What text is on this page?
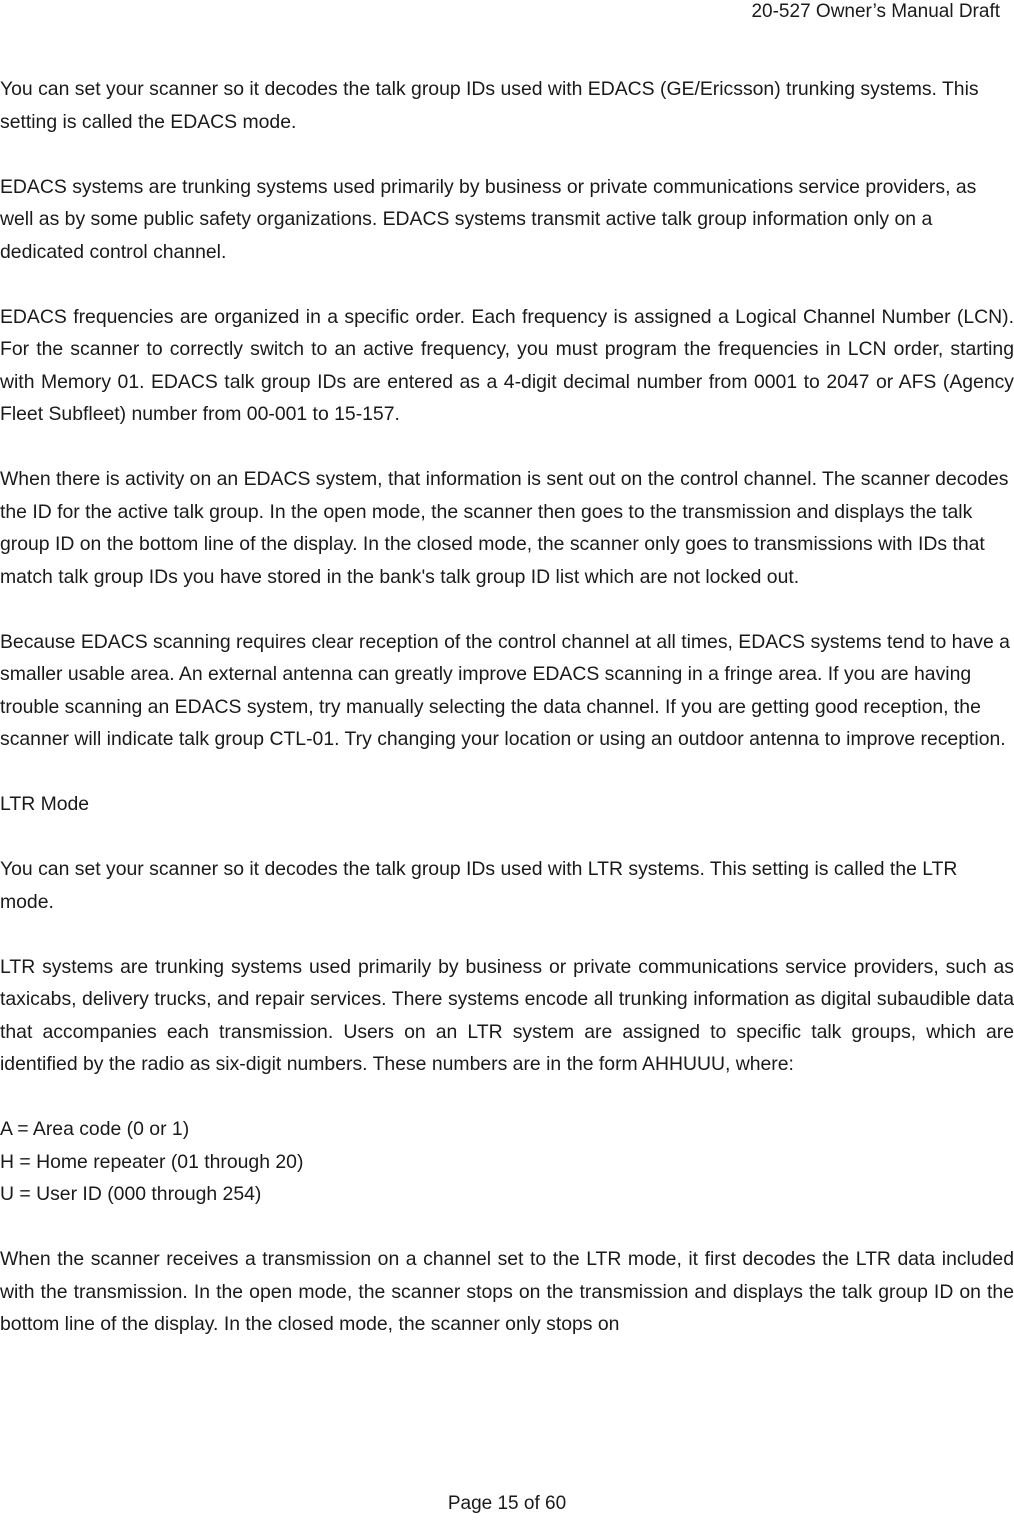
20-527 Owner’s Manual Draft

You can set your scanner so it decodes the talk group IDs used with EDACS (GE/Ericsson) trunking systems. This setting is called the EDACS mode.

EDACS systems are trunking systems used primarily by business or private communications service providers, as well as by some public safety organizations. EDACS systems transmit active talk group information only on a dedicated control channel.

EDACS frequencies are organized in a specific order. Each frequency is assigned a Logical Channel Number (LCN). For the scanner to correctly switch to an active frequency, you must program the frequencies in LCN order, starting with Memory 01. EDACS talk group IDs are entered as a 4-digit decimal number from 0001 to 2047 or AFS (Agency Fleet Subfleet) number from 00-001 to 15-157.

When there is activity on an EDACS system, that information is sent out on the control channel. The scanner decodes the ID for the active talk group. In the open mode, the scanner then goes to the transmission and displays the talk group ID on the bottom line of the display. In the closed mode, the scanner only goes to transmissions with IDs that match talk group IDs you have stored in the bank's talk group ID list which are not locked out.

Because EDACS scanning requires clear reception of the control channel at all times, EDACS systems tend to have a smaller usable area. An external antenna can greatly improve EDACS scanning in a fringe area. If you are having trouble scanning an EDACS system, try manually selecting the data channel. If you are getting good reception, the scanner will indicate talk group CTL-01. Try changing your location or using an outdoor antenna to improve reception.

LTR Mode

You can set your scanner so it decodes the talk group IDs used with LTR systems. This setting is called the LTR mode.

LTR systems are trunking systems used primarily by business or private communications service providers, such as taxicabs, delivery trucks, and repair services. There systems encode all trunking information as digital subaudible data that accompanies each transmission. Users on an LTR system are assigned to specific talk groups, which are identified by the radio as six-digit numbers. These numbers are in the form AHHUUU, where:

A = Area code (0 or 1)
H = Home repeater (01 through 20)
U = User ID (000 through 254)

When the scanner receives a transmission on a channel set to the LTR mode, it first decodes the LTR data included with the transmission. In the open mode, the scanner stops on the transmission and displays the talk group ID on the bottom line of the display. In the closed mode, the scanner only stops on

Page 15 of 60
